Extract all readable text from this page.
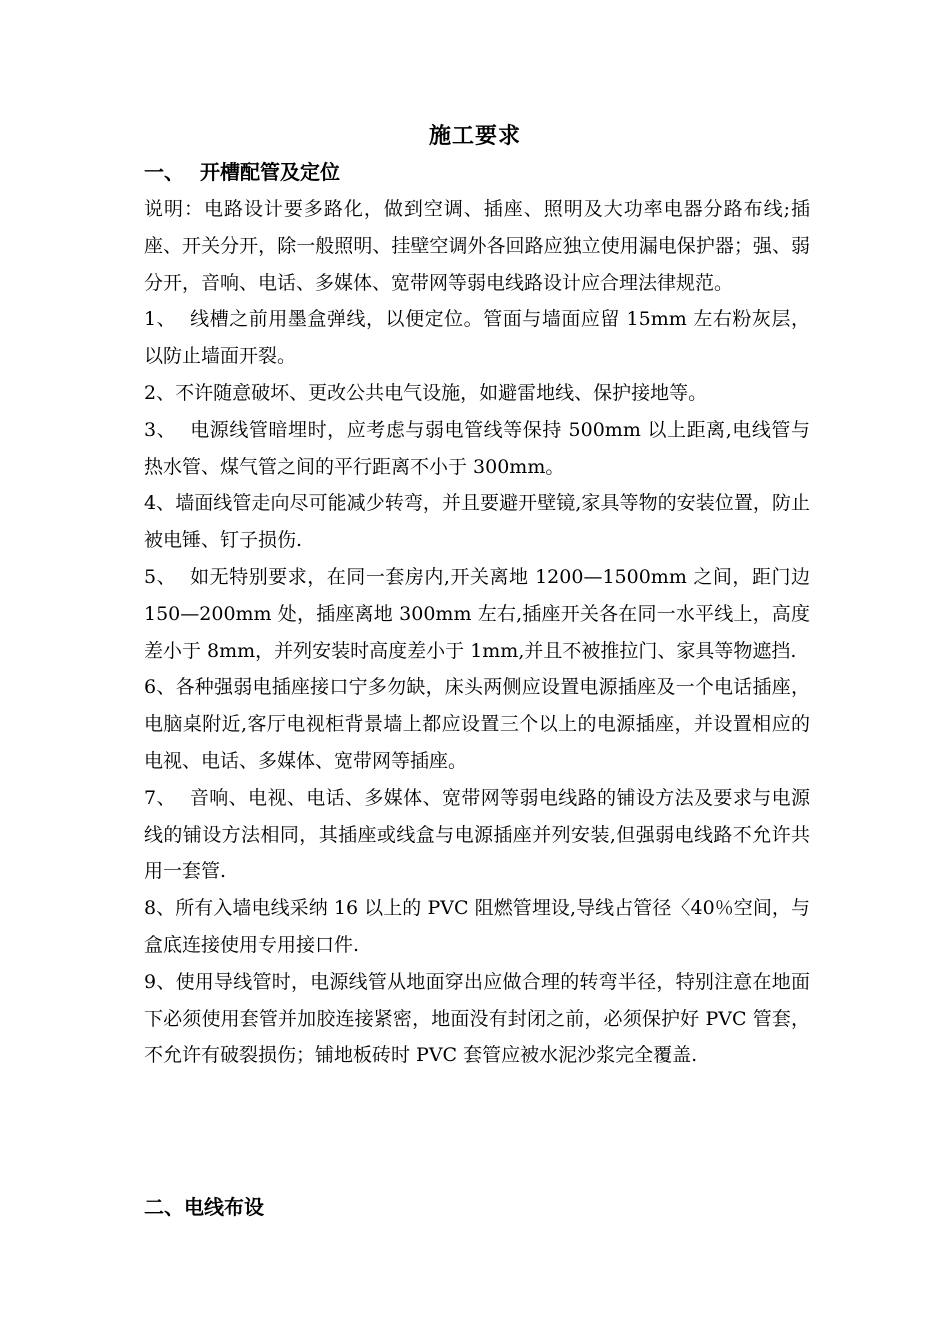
施工要求
一、 开槽配管及定位

说明：电路设计要多路化，做到空调、插座、照明及大功率电器分路布线;插座、开关分开，除一般照明、挂壁空调外各回路应独立使用漏电保护器；强、弱分开，音响、电话、多媒体、宽带网等弱电线路设计应合理法律规范。

1、 线槽之前用墨盒弹线，以便定位。管面与墙面应留 15mm 左右粉灰层，以防止墙面开裂。

2、不许随意破坏、更改公共电气设施，如避雷地线、保护接地等。

3、 电源线管暗埋时，应考虑与弱电管线等保持 500mm 以上距离,电线管与热水管、煤气管之间的平行距离不小于 300mm。

4、墙面线管走向尽可能减少转弯，并且要避开壁镜,家具等物的安装位置，防止被电锤、钉子损伤.

5、 如无特别要求，在同一套房内,开关离地 1200—1500mm 之间，距门边 150—200mm 处，插座离地 300mm 左右,插座开关各在同一水平线上，高度差小于 8mm，并列安装时高度差小于 1mm,并且不被推拉门、家具等物遮挡.

6、各种强弱电插座接口宁多勿缺，床头两侧应设置电源插座及一个电话插座，电脑桌附近,客厅电视柜背景墙上都应设置三个以上的电源插座，并设置相应的电视、电话、多媒体、宽带网等插座。

7、 音响、电视、电话、多媒体、宽带网等弱电线路的铺设方法及要求与电源线的铺设方法相同，其插座或线盒与电源插座并列安装,但强弱电线路不允许共用一套管.

8、所有入墙电线采纳 16 以上的 PVC 阻燃管埋设,导线占管径〈40％空间，与盒底连接使用专用接口件.

9、使用导线管时，电源线管从地面穿出应做合理的转弯半径，特别注意在地面下必须使用套管并加胶连接紧密，地面没有封闭之前，必须保护好 PVC 管套，不允许有破裂损伤；铺地板砖时 PVC 套管应被水泥沙浆完全覆盖.

二、电线布设
